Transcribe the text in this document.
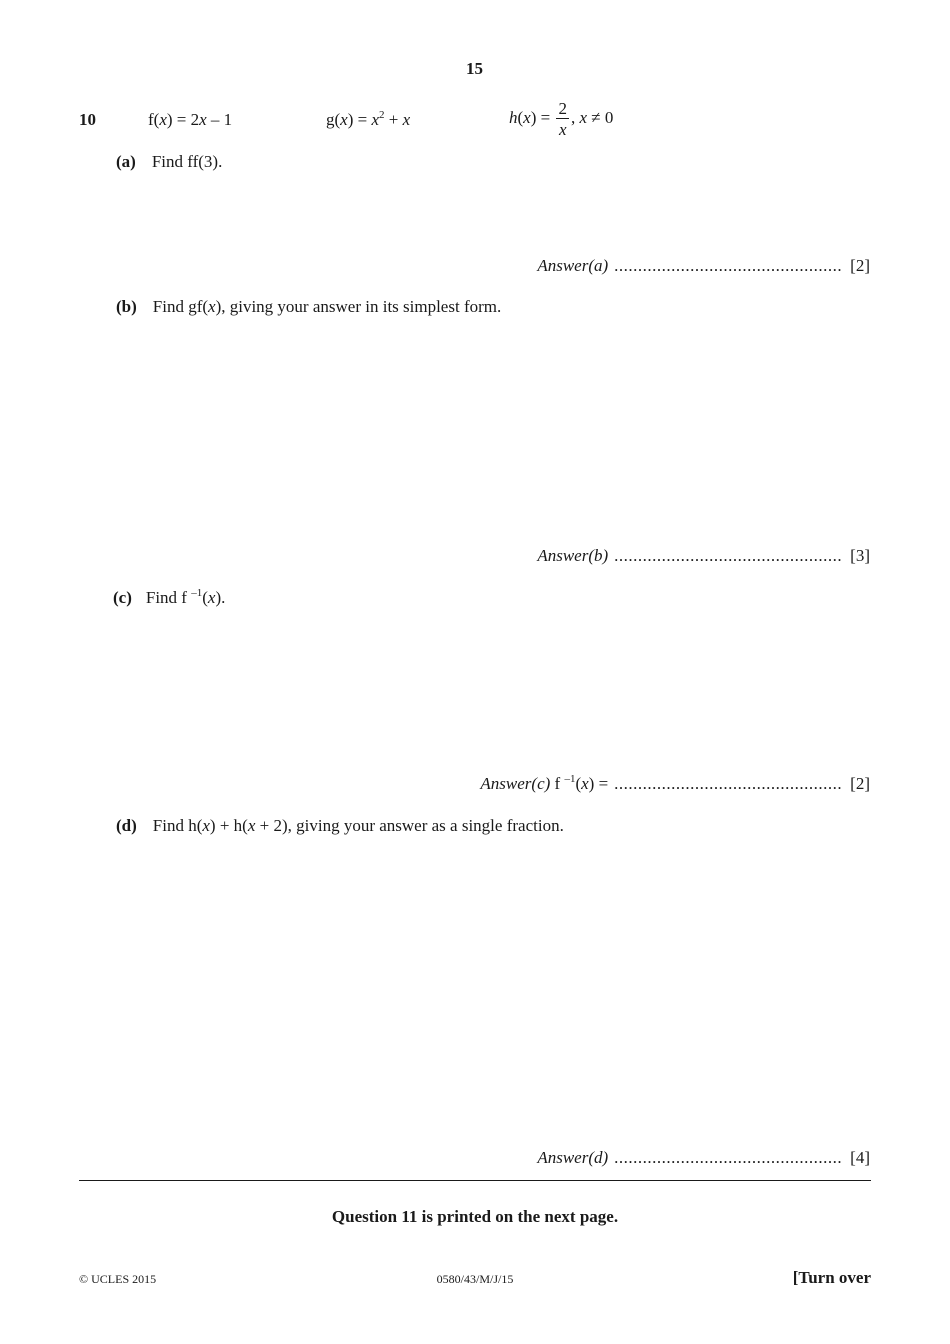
15
10	f(x) = 2x – 1	$g(x) = x^2 + x$	$h(x) = \frac{2}{x}$ , x ≠ 0
(a) Find ff(3).
Answer(a) ................................................ [2]
(b) Find gf(x), giving your answer in its simplest form.
Answer(b) ................................................ [3]
(c) Find f $^{-1}$(x).
Answer(c) f $^{-1}$(x) = ................................................ [2]
(d) Find h(x) + h(x + 2), giving your answer as a single fraction.
Answer(d) ................................................ [4]
Question 11 is printed on the next page.
© UCLES 2015	0580/43/M/J/15	[Turn over
